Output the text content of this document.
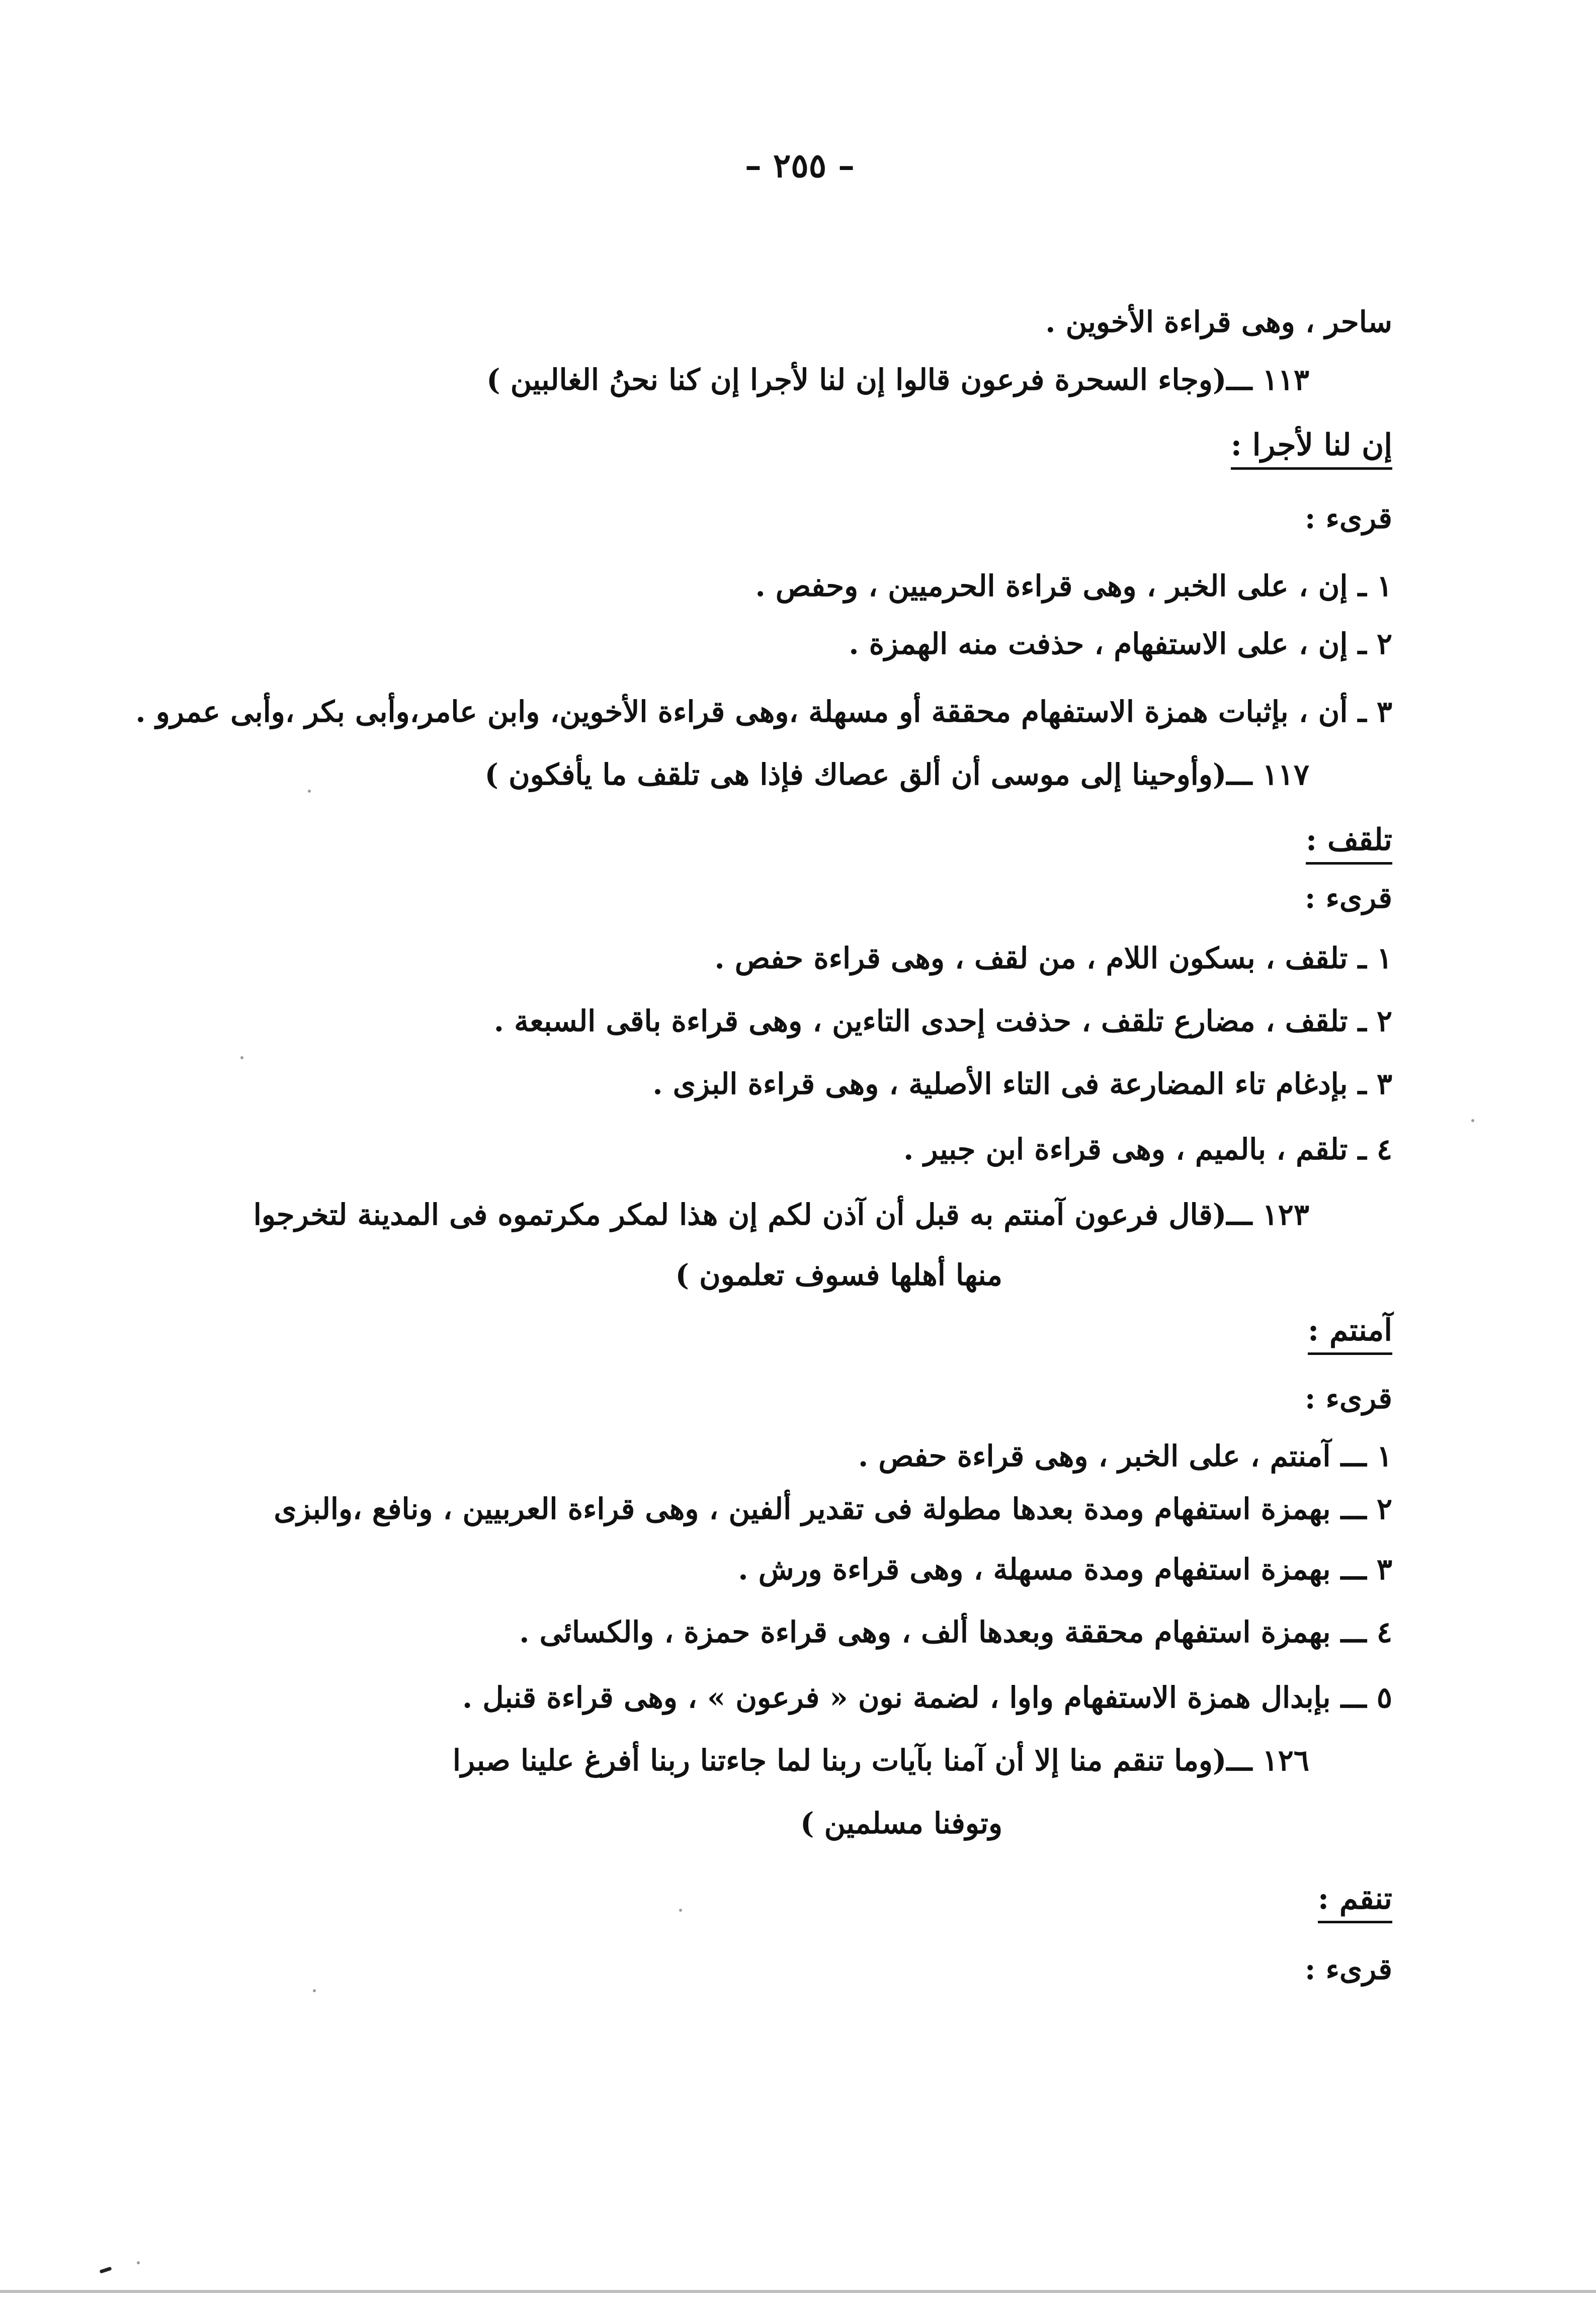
– ٢٥٥ –
ساحر ، وهى قراءة الأخوين .
١١٣ ـــ(وجاء السحرة فرعون قالوا إن لنا لأجرا إن كنا نحنُ الغالبين )
إن لنا لأجرا :
قرىء :
١ ـ إن ، على الخبر ، وهى قراءة الحرميين ، وحفص .
٢ ـ إن ، على الاستفهام ، حذفت منه الهمزة .
٣ ـ أن ، بإثبات همزة الاستفهام محققة أو مسهلة ،وهى قراءة الأخوين، وابن عامر،وأبى بكر ،وأبى عمرو .
١١٧ ـــ(وأوحينا إلى موسى أن ألق عصاك فإذا هى تلقف ما يأفكون )
تلقف :
قرىء :
١ ـ تلقف ، بسكون اللام ، من لقف ، وهى قراءة حفص .
٢ ـ تلقف ، مضارع تلقف ، حذفت إحدى التاءين ، وهى قراءة باقى السبعة .
٣ ـ بإدغام تاء المضارعة فى التاء الأصلية ، وهى قراءة البزى .
٤ ـ تلقم ، بالميم ، وهى قراءة ابن جبير .
١٢٣ ـــ(قال فرعون آمنتم به قبل أن آذن لكم إن هذا لمكر مكرتموه فى المدينة لتخرجوا
منها أهلها فسوف تعلمون )
آمنتم :
قرىء :
١ ـــ آمنتم ، على الخبر ، وهى قراءة حفص .
٢ ـــ بهمزة استفهام ومدة بعدها مطولة فى تقدير ألفين ، وهى قراءة العربيين ، ونافع ،والبزى
٣ ـــ بهمزة استفهام ومدة مسهلة ، وهى قراءة ورش .
٤ ـــ بهمزة استفهام محققة وبعدها ألف ، وهى قراءة حمزة ، والكسائى .
٥ ـــ بإبدال همزة الاستفهام واوا ، لضمة نون « فرعون » ، وهى قراءة قنبل .
١٢٦ ـــ(وما تنقم منا إلا أن آمنا بآيات ربنا لما جاءتنا ربنا أفرغ علينا صبرا
وتوفنا مسلمين )
تنقم :
قرىء :
